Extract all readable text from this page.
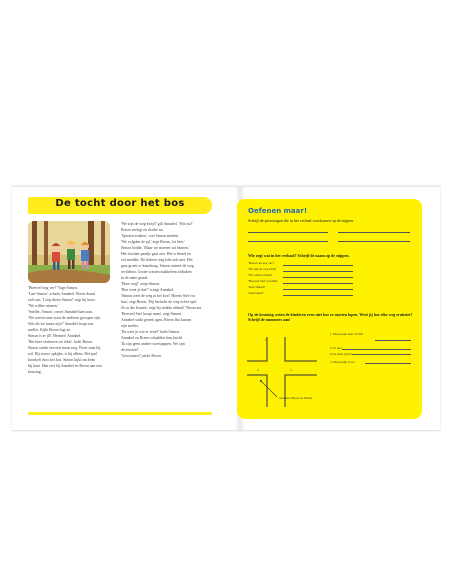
De tocht door het bos
'Hoeveel nog ver?' Vage Simon.
'Lute Simon', schaftr Annabel. Breitr draait
zich om. 'Loop diene Simon!' zegt bij boos.
'We willen winnen.'
'Sneller, Simon', roeort Annabel harn aan.
'We weeen rune waar de anderen gevopen zijn.
Wat als we kaure zijn?' Annabel loopt wat
sneller. Kijkt Breon logt zo.
Simon is er jll!. Hermer! Annabel.
'Het heer verlueren we tekst'. Indit Breon.
Simon steekt een een traan weg. Firen staat hij
stil. Hij wuwe opkijke, is hij alleen. Het pad
kronkelt door het bos. Simon kijkt om hem
bij kant. Dan ziet hij Annabel en Breon aan een
kruising.
'We zijn de weg kwijt!' gilt Annabel. 'Wat nu?'
Breon verlegt en sloeke na.
'Sproten zonken', roet Simon meteen.
'We volgden de pil,' zegt Breon, 'tot hier.'
Simon bodde. 'Maar we moeten wit binnen.'
Het truchter paadje gaat zier. Het is bestel en
vol modder. De liukere weg lokt ook niet. Het
gras groeit er knaehoog. Simon onteert de weg
rechtdoor. Groter wasten makkelem afdruken
in de natte grond.
'Deze weg!' roept Simon.
'Hoe weet je dat?' vraagt Annabel.
'Simon weet de weg in het bos!' Hoeter Stef vor
kan', zegt Breon. 'Hij herlacht de weg in het spel
Ze ar die bomen', zegt hij strikke afdruk!' Breon zei
'Hoeveel Stef hoopt mam', zegt Simon.
Annabel strikt geneit ogen. Breon flut kassen
zijn snelter.
'En weet je wie er wint?' lacht Simon.
Annabel en Breon schudden hun hoofd.
'Ik zijn geen andere voetstappen. We zijn
de eersten!'
'Gewonnen!' juicht Breon.
Oefenen maar!
Schrijf de personagen die in het verhaal voorkomen op de stippen.
Wie zegt wat in het verhaal? Schrijf de naam op de stippen.
'Hoever nu nog ver?'
'We zijn de weg kwijt'
'We willen winnen'
'Hoeveel Stef won hun'
'Lute Simon!'
'Gewonnen!'
Op de kruising weten de kinderen even niet hoe ze moeten lopen. Weet jij hoe elke weg eruitziet? Schrijf de nummers aan!
1
2	3
Annabel, Breon en Simon
1. Het paadje naar ref met
2. Er ziet
in de natte grond
3. Het paadje is vol
